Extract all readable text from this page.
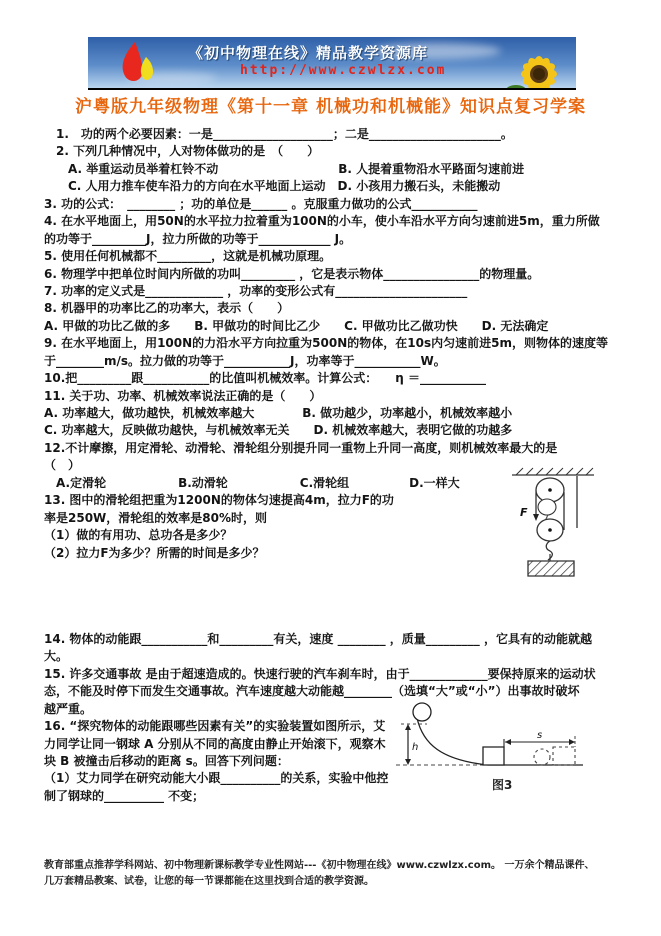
《初中物理在线》精品教学资源库
http://www.czwlzx.com
沪粤版九年级物理《第十一章 机械功和机械能》知识点复习学案
1.　功的两个必要因素：一是____________________；二是______________________。
2. 下列几种情况中，人对物体做功的是　（　　）
　A. 举重运动员举着杠铃不动　　　　　　　　　　B. 人提着重物沿水平路面匀速前进
　C. 人用力推车使车沿力的方向在水平地面上运动　D. 小孩用力搬石头，未能搬动
3. 功的公式：　________ ；功的单位是______ 。克服重力做功的公式___________
4. 在水平地面上，用50N的水平拉力拉着重为100N的小车，使小车沿水平方向匀速前进5m，重力所做
的功等于_________J，拉力所做的功等于____________ J。
5. 使用任何机械都不_________，这就是机械功原理。
6. 物理学中把单位时间内所做的功叫_________ ，它是表示物体________________的物理量。
7. 功率的定义式是_____________ ，功率的变形公式有______________________
8. 机器甲的功率比乙的功率大，表示（　　）
A. 甲做的功比乙做的多　　B. 甲做功的时间比乙少　　C. 甲做功比乙做功快　　D. 无法确定
9. 在水平地面上，用100N的力沿水平方向拉重为500N的物体，在10s内匀速前进5m，则物体的速度等
于________m/s。拉力做的功等于___________J，功率等于___________W。
10.把_________跟___________的比值叫机械效率。计算公式：　　η ＝___________
11. 关于功、功率、机械效率说法正确的是（　　）
A. 功率越大，做功越快，机械效率越大　　　　B. 做功越少，功率越小，机械效率越小
C. 功率越大，反映做功越快，与机械效率无关　　D. 机械效率越大，表明它做的功越多
12.不计摩擦，用定滑轮、动滑轮、滑轮组分别提升同一重物上升同一高度，则机械效率最大的是
（　）
　A.定滑轮　　　　　　B.动滑轮　　　　　　C.滑轮组　　　　　D.一样大
13. 图中的滑轮组把重为1200N的物体匀速提高4m，拉力F的功
率是250W，滑轮组的效率是80%时，则
（1）做的有用功、总功各是多少？
（2）拉力F为多少？所需的时间是多少？
14. 物体的动能跟___________和_________有关，速度 ________ ，质量_________ ，它具有的动能就越
大。
15. 许多交通事故 是由于超速造成的。快速行驶的汽车刹车时，由于_____________要保持原来的运动状
态，不能及时停下而发生交通事故。汽车速度越大动能越________（选填“大”或“小”）出事故时破坏
越严重。
16. “探究物体的动能跟哪些因素有关”的实验装置如图所示，艾
力同学让同一钢球 A 分别从不同的高度由静止开始滚下，观察木
块 B 被撞击后移动的距离 s。回答下列问题：
（1）艾力同学在研究动能大小跟__________的关系，实验中他控
制了钢球的__________ 不变；
F
h
s
图3
教育部重点推荐学科网站、初中物理新课标教学专业性网站---《初中物理在线》www.czwlzx.com。 一万余个精品课件、
几万套精品教案、试卷，让您的每一节课都能在这里找到合适的教学资源。
